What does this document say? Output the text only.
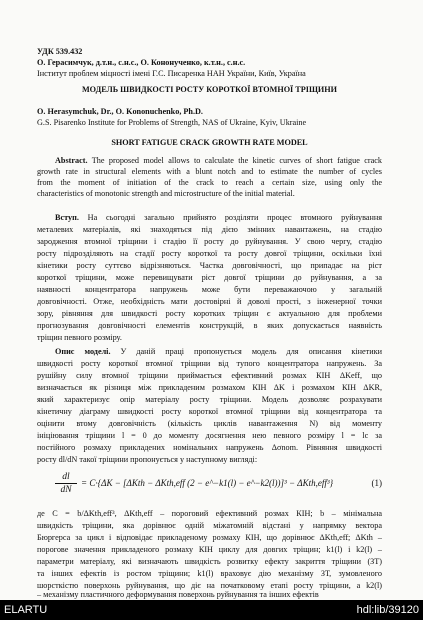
УДК 539.432
О. Герасимчук, д.т.н., с.н.с., О. Кононученко, к.т.н., с.н.с.
Інститут проблем міцності імені Г.С. Писаренка НАН України, Київ, Україна
МОДЕЛЬ ШВИДКОСТІ РОСТУ КОРОТКОЇ ВТОМНОЇ ТРІЩИНИ
O. Herasymchuk, Dr., O. Kononuchenko, Ph.D.
G.S. Pisarenko Institute for Problems of Strength, NAS of Ukraine, Kyiv, Ukraine
SHORT FATIGUE CRACK GROWTH RATE MODEL
Abstract. The proposed model allows to calculate the kinetic curves of short fatigue crack
growth rate in structural elements with a blunt notch and to estimate the number of cycles
from the moment of initiation of the crack to reach a certain size, using only the
characteristics of monotonic strength and microstructure of the initial material.
Вступ. На сьогодні загально прийнято розділяти процес втомного руйнування
металевих матеріалів, які знаходяться під дією змінних навантажень, на стадію
зародження втомної тріщини і стадію її росту до руйнування. У свою чергу, стадію
росту підрозділяють на стадії росту короткої та росту довгої тріщини, оскільки їхні
кінетики росту суттєво відрізняються. Частка довговічності, що припадає на ріст
короткої тріщини, може перевищувати ріст довгої тріщини до руйнування, а за
наявності концентратора напружень може бути переважаючою у загальній
довговічності. Отже, необхідність мати достовірні й доволі прості, з інженерної точки
зору, рівняння для швидкості росту коротких тріщин є актуальною для проблеми
прогнозування довговічності елементів конструкцій, в яких допускається наявність
тріщин певного розміру.
Опис моделі. У даній праці пропонується модель для описання кінетики
швидкості росту короткої втомної тріщини від тупого концентратора напружень. За
рушійну силу втомної тріщини приймається ефективний розмах КІН ΔKeff, що
визначається як різниця між прикладеним розмахом КІН ΔK і розмахом КІН ΔKR,
який характеризує опір матеріалу росту тріщини. Модель дозволяє розрахувати
кінетичну діаграму швидкості росту короткої втомної тріщини від концентратора та
оцінити втому довговічність (кількість циклів навантаження N) від моменту
ініціювання тріщини l = 0 до моменту досягнення нею певного розміру l = lc за
постійного розмаху прикладених номінальних напружень Δσnom. Рівняння швидкості
росту dl/dN такої тріщини пропонується у наступному вигляді:
dl
dN
= C·{ΔK − [ΔKth − ΔKth,eff (2 − e^−k1(l) − e^−k2(l))]³ − ΔKth,eff³}	(1)
де C = b/ΔKth,eff³, ΔKth,eff – пороговий ефективний розмах КІН; b – мінімальна
швидкість тріщини, яка дорівнює одній міжатомній відстані у напрямку вектора
Бюргерса за цикл і відповідає прикладеному розмаху КІН, що дорівнює ΔKth,eff; ΔKth –
порогове значення прикладеного розмаху КІН циклу для довгих тріщин; k1(l) і k2(l) –
параметри матеріалу, які визначають швидкість розвитку ефекту закриття тріщини (ЗТ)
та інших ефектів із ростом тріщини; k1(l) враховує дію механізму ЗТ, зумовленого
шорсткістю поверхонь руйнування, що діє на початковому етапі росту тріщини, а k2(l)
– механізму пластичного деформування поверхонь руйнування та інших ефектів
ELARTU	hdl:lib/39120
